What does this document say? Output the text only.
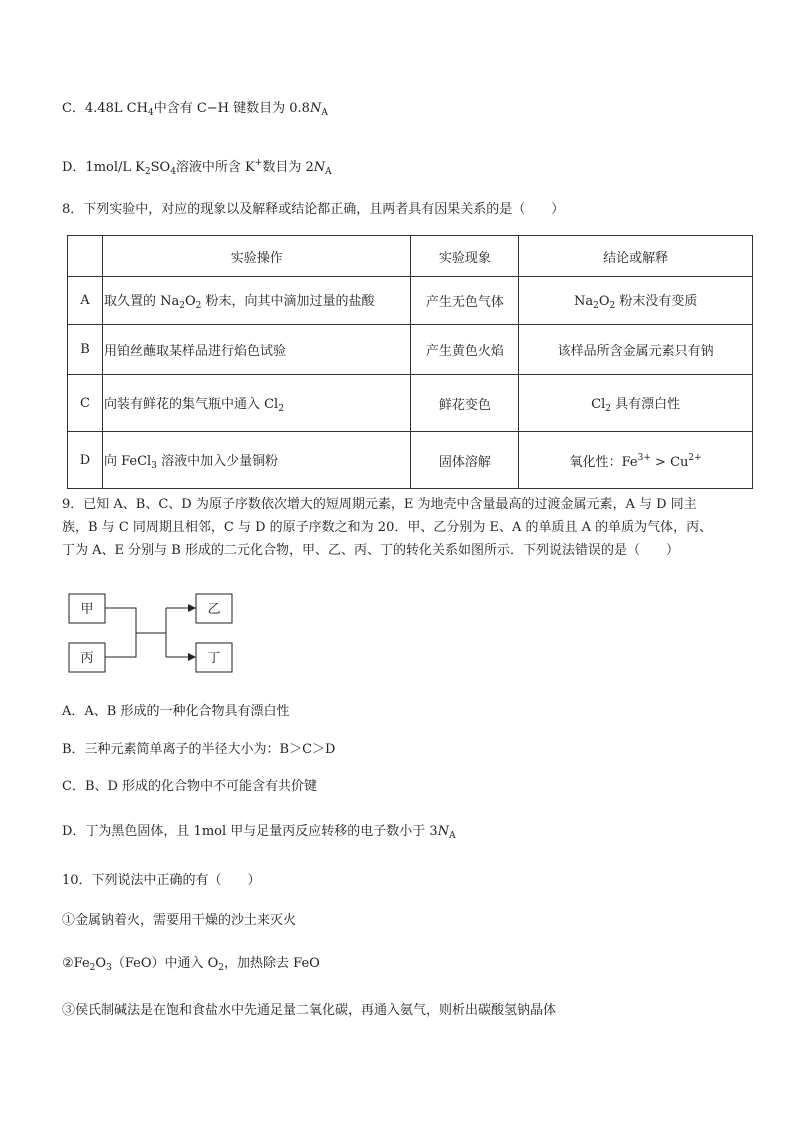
C．4.48L $CH_4$中含有 C−H 键数目为 $0.8N_A$
D．1mol/L $K_2SO_4$溶液中所含 K+数目为 $2N_A$
8．下列实验中，对应的现象以及解释或结论都正确，且两者具有因果关系的是（　　）
	实验操作	实验现象	结论或解释
A	取久置的 $Na_2O_2$ 粉末，向其中滴加过量的盐酸	产生无色气体	$Na_2O_2$ 粉末没有变质
B	用铂丝蘸取某样品进行焰色试验	产生黄色火焰	该样品所含金属元素只有钠
C	向装有鲜花的集气瓶中通入 $Cl_2$	鲜花变色	$Cl_2$ 具有漂白性
D	向 FeCl$_3$ 溶液中加入少量铜粉	固体溶解	氧化性：$Fe^{3+} > Cu^{2+}$
9．已知 A、B、C、D 为原子序数依次增大的短周期元素，E 为地壳中含量最高的过渡金属元素，A 与 D 同主
族，B 与 C 同周期且相邻，C 与 D 的原子序数之和为 20．甲、乙分别为 E、A 的单质且 A 的单质为气体，丙、
丁为 A、E 分别与 B 形成的二元化合物，甲、乙、丙、丁的转化关系如图所示．下列说法错误的是（　　）
甲
丙
乙
丁
A．A、B 形成的一种化合物具有漂白性
B．三种元素简单离子的半径大小为：B＞C＞D
C．B、D 形成的化合物中不可能含有共价键
D．丁为黑色固体，且 1mol 甲与足量丙反应转移的电子数小于 $3N_A$
10．下列说法中正确的有（　　）
①金属钠着火，需要用干燥的沙土来灭火
$②Fe_2O_3(FeO)$中通入 $O_2$，加热除去 FeO
③侯氏制碱法是在饱和食盐水中先通足量二氧化碳，再通入氨气，则析出碳酸氢钠晶体
